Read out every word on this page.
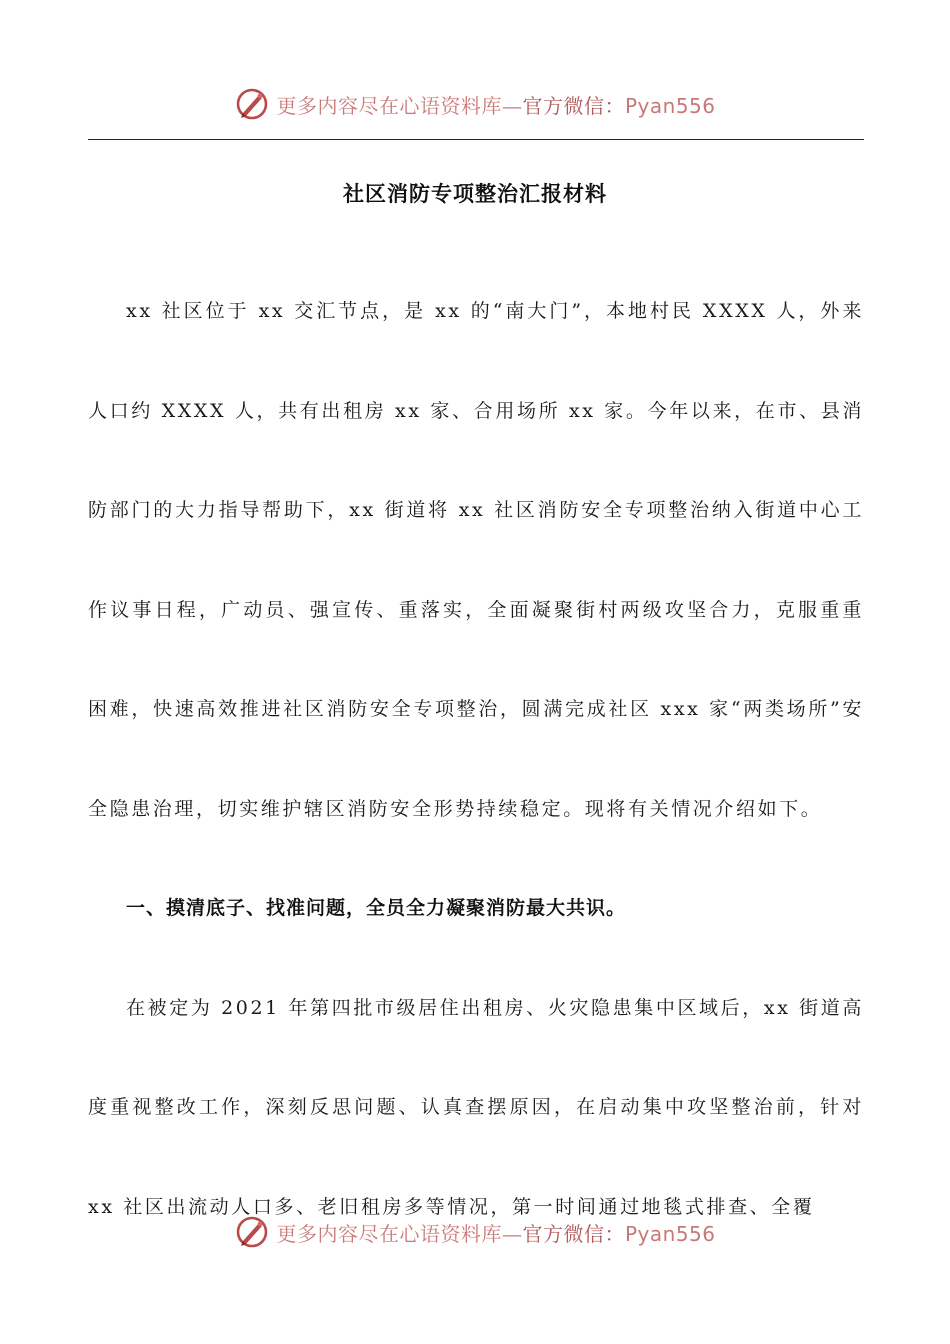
更多内容尽在心语资料库—官方微信：Pyan556
社区消防专项整治汇报材料

xx 社区位于 xx 交汇节点，是 xx 的“南大门”，本地村民 XXXX 人，外来人口约 XXXX 人，共有出租房 xx 家、合用场所 xx 家。今年以来，在市、县消防部门的大力指导帮助下，xx 街道将 xx 社区消防安全专项整治纳入街道中心工作议事日程，广动员、强宣传、重落实，全面凝聚街村两级攻坚合力，克服重重困难，快速高效推进社区消防安全专项整治，圆满完成社区 xxx 家“两类场所”安全隐患治理，切实维护辖区消防安全形势持续稳定。现将有关情况介绍如下。

一、摸清底子、找准问题，全员全力凝聚消防最大共识。

在被定为 2021 年第四批市级居住出租房、火灾隐患集中区域后，xx 街道高度重视整改工作，深刻反思问题、认真查摆原因，在启动集中攻坚整治前，针对 xx 社区出流动人口多、老旧租房多等情况，第一时间通过地毯式排查、全覆

更多内容尽在心语资料库—官方微信：Pyan556
